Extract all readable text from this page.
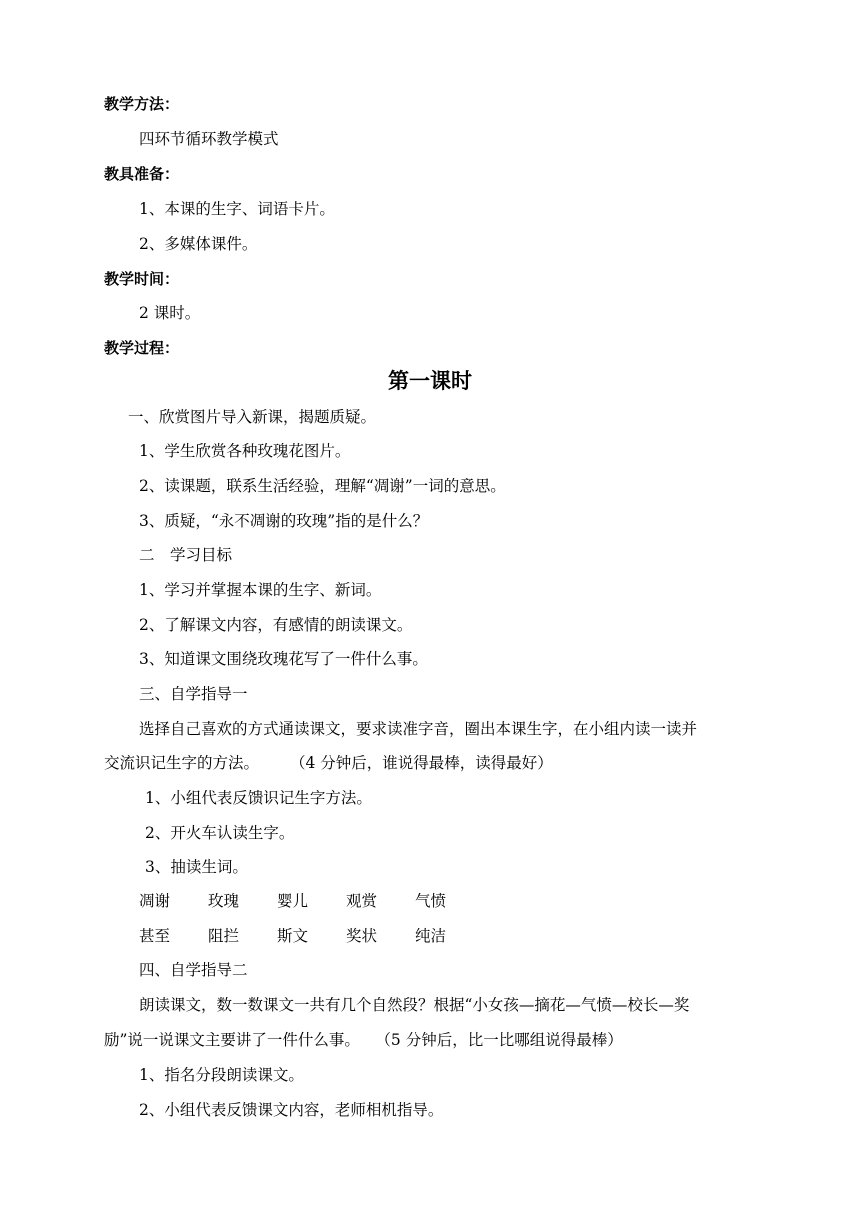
教学方法：
四环节循环教学模式
教具准备：
1、本课的生字、词语卡片。
2、多媒体课件。
教学时间：
2 课时。
教学过程：
第一课时
一、欣赏图片导入新课，揭题质疑。
1、学生欣赏各种玫瑰花图片。
2、读课题，联系生活经验，理解“凋谢”一词的意思。
3、质疑，“永不凋谢的玫瑰”指的是什么？
二　学习目标
1、学习并掌握本课的生字、新词。
2、了解课文内容，有感情的朗读课文。
3、知道课文围绕玫瑰花写了一件什么事。
三、自学指导一
选择自己喜欢的方式通读课文，要求读准字音，圈出本课生字，在小组内读一读并
交流识记生字的方法。　　　（4 分钟后，谁说得最棒，读得最好）
1、小组代表反馈识记生字方法。
2、开火车认读生字。
3、抽读生词。
凋谢	玫瑰	婴儿	观赏	气愤
甚至	阻拦	斯文	奖状	纯洁
四、自学指导二
朗读课文，数一数课文一共有几个自然段？根据“小女孩—摘花—气愤—校长—奖
励”说一说课文主要讲了一件什么事。　　（5 分钟后，比一比哪组说得最棒）
1、指名分段朗读课文。
2、小组代表反馈课文内容，老师相机指导。
